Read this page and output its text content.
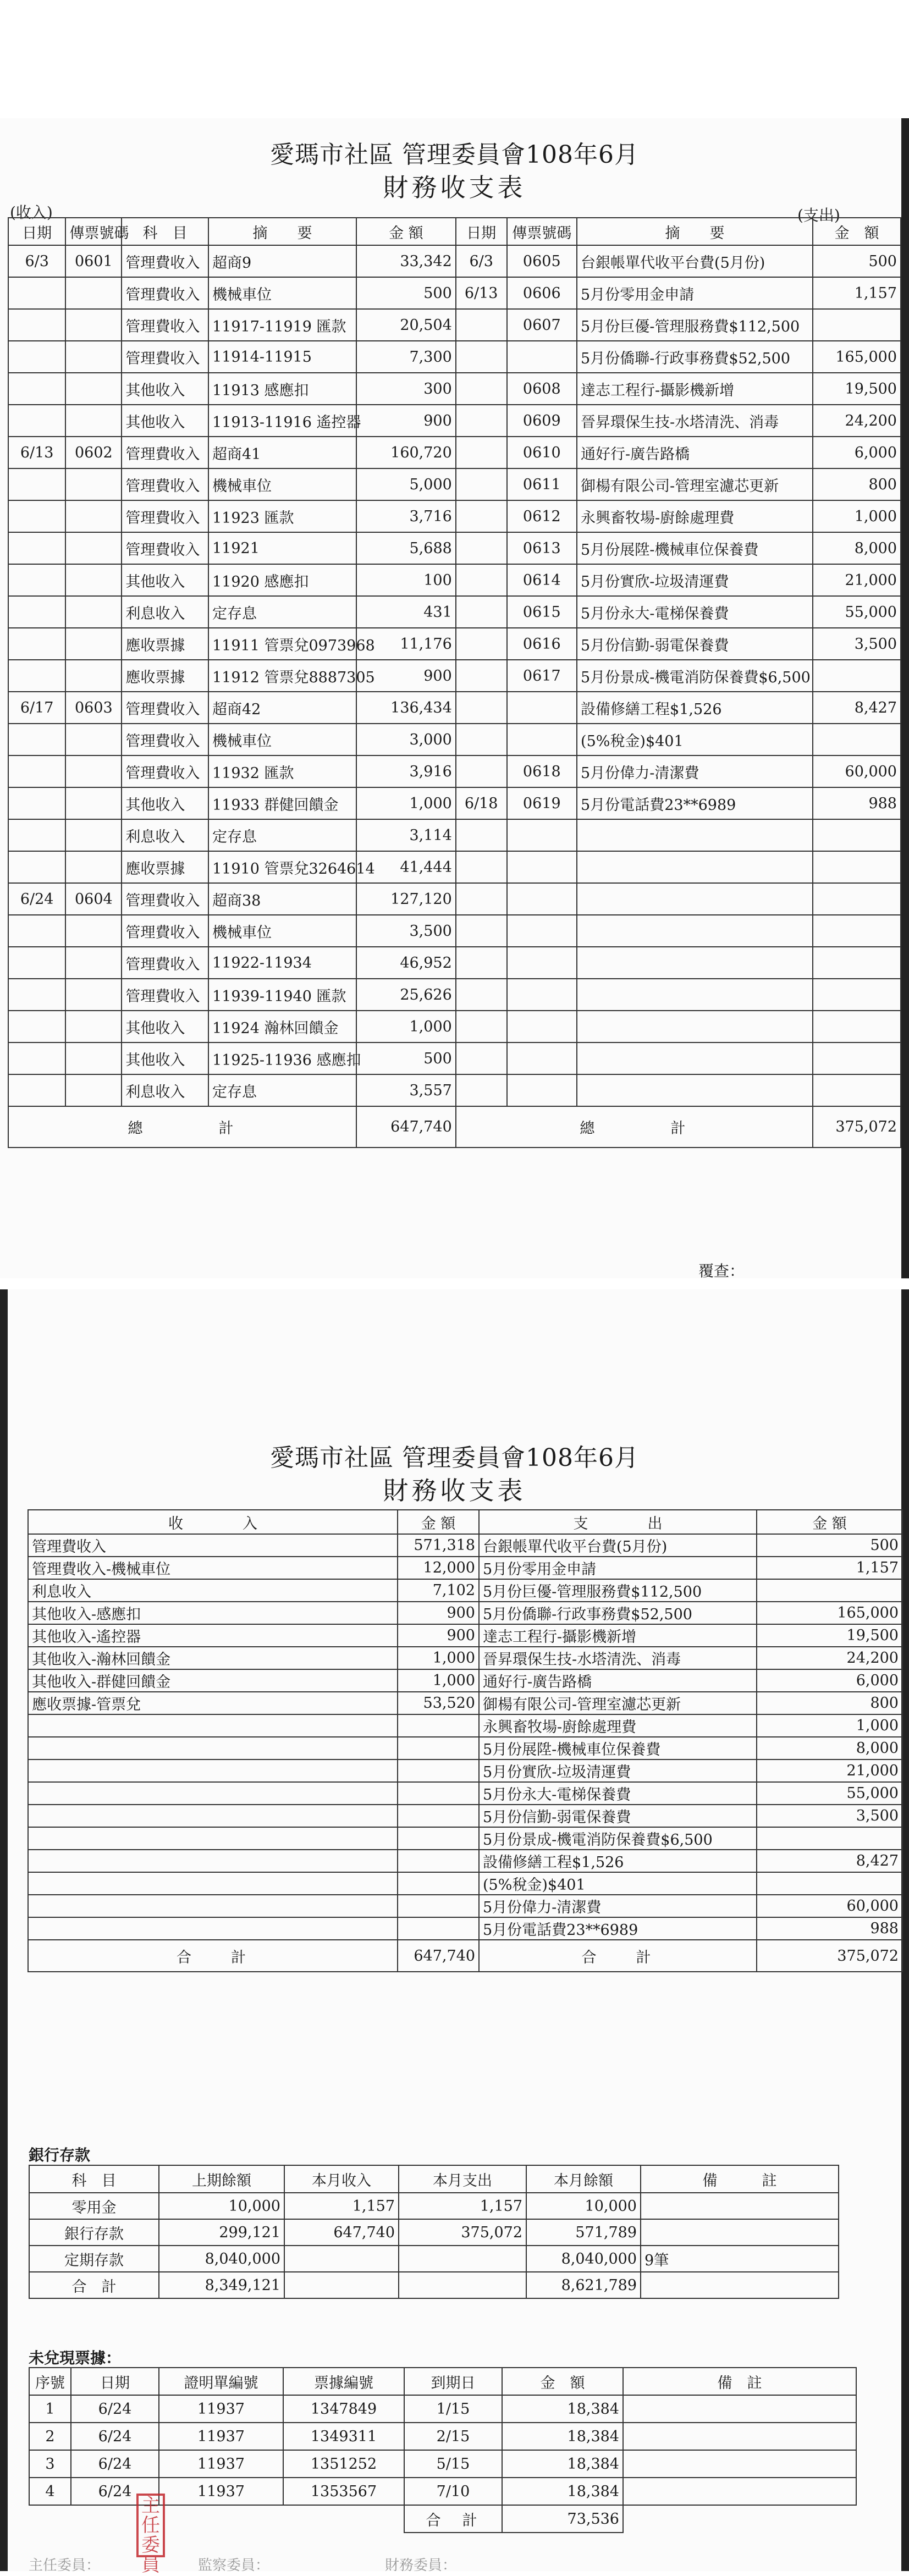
愛瑪市社區 管理委員會108年6月
財務收支表
(收入)	(支出)
日期	傳票號碼	科　目	摘　　要	金 額	日期	傳票號碼	摘　　要	金　額
6/3	0601	管理費收入	超商9	33,342	6/3	0605	台銀帳單代收平台費(5月份)	500
		管理費收入	機械車位	500	6/13	0606	5月份零用金申請	1,157
		管理費收入	11917-11919 匯款	20,504		0607	5月份巨優-管理服務費$112,500	
		管理費收入	11914-11915	7,300			5月份僑聯-行政事務費$52,500	165,000
		其他收入	11913 感應扣	300		0608	達志工程行-攝影機新增	19,500
		其他收入	11913-11916 遙控器	900		0609	晉昇環保生技-水塔清洗、消毒	24,200
6/13	0602	管理費收入	超商41	160,720		0610	通好行-廣告路橋	6,000
		管理費收入	機械車位	5,000		0611	御楊有限公司-管理室濾芯更新	800
		管理費收入	11923 匯款	3,716		0612	永興畜牧場-廚餘處理費	1,000
		管理費收入	11921	5,688		0613	5月份展陞-機械車位保養費	8,000
		其他收入	11920 感應扣	100		0614	5月份實欣-垃圾清運費	21,000
		利息收入	定存息	431		0615	5月份永大-電梯保養費	55,000
		應收票據	11911 管票兌0973968	11,176		0616	5月份信勤-弱電保養費	3,500
		應收票據	11912 管票兌8887305	900		0617	5月份景成-機電消防保養費$6,500	
6/17	0603	管理費收入	超商42	136,434			設備修繕工程$1,526	8,427
		管理費收入	機械車位	3,000			(5%稅金)$401	
		管理費收入	11932 匯款	3,916		0618	5月份偉力-清潔費	60,000
		其他收入	11933 群健回饋金	1,000	6/18	0619	5月份電話費23**6989	988
		利息收入	定存息	3,114				
		應收票據	11910 管票兌3264614	41,444				
6/24	0604	管理費收入	超商38	127,120				
		管理費收入	機械車位	3,500				
		管理費收入	11922-11934	46,952				
		管理費收入	11939-11940 匯款	25,626				
		其他收入	11924 瀚林回饋金	1,000				
		其他收入	11925-11936 感應扣	500				
		利息收入	定存息	3,557				
總　　　　計				647,740	總　　　　計			375,072
覆查：
愛瑪市社區 管理委員會108年6月
財務收支表
收　　　　入	金 額	支　　　　出	金 額
管理費收入	571,318	台銀帳單代收平台費(5月份)	500
管理費收入-機械車位	12,000	5月份零用金申請	1,157
利息收入	7,102	5月份巨優-管理服務費$112,500	
其他收入-感應扣	900	5月份僑聯-行政事務費$52,500	165,000
其他收入-遙控器	900	達志工程行-攝影機新增	19,500
其他收入-瀚林回饋金	1,000	晉昇環保生技-水塔清洗、消毒	24,200
其他收入-群健回饋金	1,000	通好行-廣告路橋	6,000
應收票據-管票兌	53,520	御楊有限公司-管理室濾芯更新	800
		永興畜牧場-廚餘處理費	1,000
		5月份展陞-機械車位保養費	8,000
		5月份實欣-垃圾清運費	21,000
		5月份永大-電梯保養費	55,000
		5月份信勤-弱電保養費	3,500
		5月份景成-機電消防保養費$6,500	
		設備修繕工程$1,526	8,427
		(5%稅金)$401	
		5月份偉力-清潔費	60,000
		5月份電話費23**6989	988
合　　計	647,740	合　　計	375,072
銀行存款
科　目	上期餘額	本月收入	本月支出	本月餘額	備　　　註
零用金	10,000	1,157	1,157	10,000	
銀行存款	299,121	647,740	375,072	571,789	
定期存款	8,040,000			8,040,000	9筆
合　計	8,349,121			8,621,789	
未兌現票據：
序號	日期	證明單編號	票據編號	到期日	金　額	備　註
1	6/24	11937	1347849	1/15	18,384	
2	6/24	11937	1349311	2/15	18,384	
3	6/24	11937	1351252	5/15	18,384	
4	6/24	11937	1353567	7/10	18,384	
				合　計	73,536	
主任
委員
主任委員：	監察委員：	財務委員：
